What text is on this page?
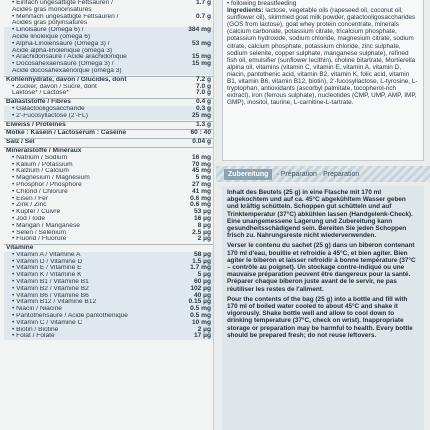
• Einfach ungesättigte Fettsäuren /	1.7 g
Acides gras monoinsaturés
• Mehrfach ungesättigte Fettsäuren /	0.7 g
Acides gras polyinsaturés
• Linolsäure (Omega 6) /	384 mg
Acide linoléique (oméga 6)
• Alpha-Linolensäure (Omega 3) /	53 mg
Acide alpha-linolénique (oméga 3)
• Arachidonsäure / Acide arachidonique	15 mg
• Docosahexaensäure (Omega 3) /	15 mg
Acide docosahexaénoïque (oméga 3)
Kohlenhydrate, davon / Glucides, dont	7.2 g
• Zucker, davon / Sucre, dont	7.0 g
Laktose* / Lactose*	7.0 g
Ballaststoffe / Fibres	0.4 g
• Galactooligosaccharide	0.3 g
• 2'-Fucosyllactose (2'-FL)	25 mg
Eiweiss / Protéines	1.3 g
Molke : Kasein / Lactosérum : Caséine	60 : 40
Salz / Sel	0.04 g
Mineralstoffe / Minéraux
• Natrium / Sodium	16 mg
• Kalium / Potassium	70 mg
• Kalzium / Calcium	45 mg
• Magnesium / Magnésium	5 mg
• Phosphor / Phosphore	27 mg
• Chlorid / Chlorure	41 mg
• Eisen / Fer	0.6 mg
• Zink / Zinc	0.6 mg
• Kupfer / Cuivre	53 µg
• Jod / Iode	16 µg
• Mangan / Manganèse	8 µg
• Selen / Sélénium	2.5 µg
• Fluorid / Fluorure	2 µg
Vitamine
• Vitamin A / Vitamine A	58 µg
• Vitamin D / Vitamine D	1.5 µg
• Vitamin E / Vitamine E	1.7 mg
• Vitamin K / Vitamine K	5 µg
• Vitamin B1 / Vitamine B1	60 µg
• Vitamin B2 / Vitamine B2	102 µg
• Vitamin B6 / Vitamine B6	40 µg
• Vitamin B12 / Vitamine B12	0.15 µg
• Niacin / Niacine	0.5 mg
• Pantothensäure / Acide pantothénique	0.5 mg
• Vitamin C / Vitamine C	10 mg
• Biotin / Biotine	2 µg
• Folat / Folate	17 µg

• following breastfeeding

Ingredients: lactose, vegetable oils (rapeseed oil, coconut oil, sunflower oil), skimmed goat milk powder, galactooligosaccharides (GOS from lactose), goat whey protein concentrate, minerals (calcium carbonate, potassium citrate, tricalcium phosphate, potassium hydroxide, sodium chloride, magnesium citrate, sodium citrate, calcium phosphate, potassium chloride, zinc sulphate, sodium selenite, copper sulphate, manganese sulphate), refined fish oil, emulsifier (sunflower lecithin), choline bitartrate, Mortierella alpina oil, vitamins (vitamin C, vitamin E, vitamin A, vitamin D, niacin, pantothenic acid, vitamin B2, vitamin K, folic acid, vitamin B1, vitamin B6, vitamin B12, biotin), 2'-fucosyllactose, L-tyrosine, L-tryptophan, antioxidants (ascorbyl palmitate, tocopherol-rich extract), iron (ferrous sulphate), nucleotides (CMP, UMP, AMP, IMP, GMP), inositol, taurine, L-carnitine-L-tartrate.

Zubereitung	· Préparation · Preparation

Inhalt des Beutels (25 g) in eine Flasche mit 170 ml abgekochtem und auf ca. 45°C abgekühltem Wasser geben und kräftig schütteln. Schoppen gut schütteln und auf Trinktemperatur (37°C) abkühlen lassen (Handgelenk-Check). Eine unangemessene Lagerung und Zubereitung kann gesundheitsschädigend sein. Bereiten Sie jeden Schoppen frisch zu. Nahrungsreste nicht wiederverwenden.

Verser le contenu du sachet (25 g) dans un biberon contenant 170 ml d'eau, bouillie et refroidie à 45°C, et bien agiter. Bien agiter le biberon et laisser refroidir à bonne température (37°C – contrôle au poignet). Un stockage contre-indiqué ou une mauvaise préparation peuvent être dangereux pour la santé. Préparer chaque biberon juste avant de le servir, ne pas réutiliser les restes de l'aliment.

Pour the contents of the bag (25 g) into a bottle and fill with 170 ml of boiled water cooled to about 45°C and shake it vigorously. Shake bottle well and allow to cool down to drinking temperature (37°C, check on wrist). Inappropriate storage or preparation may be harmful to health. Every bottle should be prepared fresh; do not reuse leftovers.
